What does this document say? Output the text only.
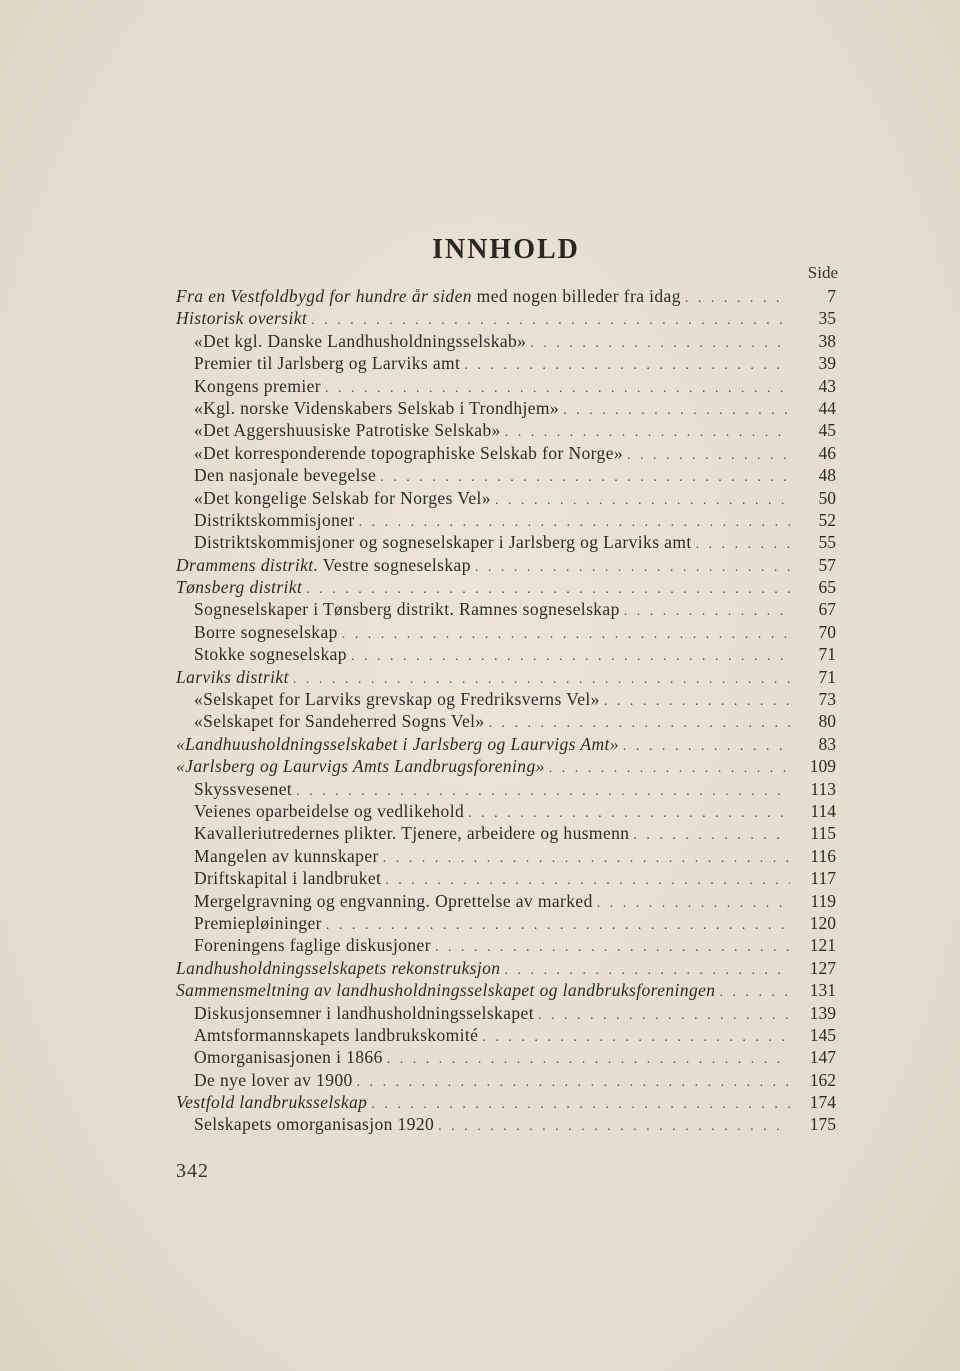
INNHOLD
Side
Fra en Vestfoldbygd for hundre år siden med nogen billeder fra idag . . .	7
Historisk oversikt . . .	35
«Det kgl. Danske Landhusholdningsselskab» . . .	38
Premier til Jarlsberg og Larviks amt . . .	39
Kongens premier . . .	43
«Kgl. norske Videnskabers Selskab i Trondhjem» . . .	44
«Det Aggershuusiske Patrotiske Selskab» . . .	45
«Det korresponderende topographiske Selskab for Norge» . . .	46
Den nasjonale bevegelse . . .	48
«Det kongelige Selskab for Norges Vel» . . .	50
Distriktskommisjoner . . .	52
Distriktskommisjoner og sogneselskaper i Jarlsberg og Larviks amt . . .	55
Drammens distrikt. Vestre sogneselskap . . .	57
Tønsberg distrikt . . .	65
Sogneselskaper i Tønsberg distrikt. Ramnes sogneselskap . . .	67
Borre sogneselskap . . .	70
Stokke sogneselskap . . .	71
Larviks distrikt . . .	71
«Selskapet for Larviks grevskap og Fredriksverns Vel» . . .	73
«Selskapet for Sandeherred Sogns Vel» . . .	80
«Landhuusholdningsselskabet i Jarlsberg og Laurvigs Amt» . . .	83
«Jarlsberg og Laurvigs Amts Landbrugsforening» . . .	109
Skyssvesenet . . .	113
Veienes oparbeidelse og vedlikehold . . .	114
Kavalleriutredernes plikter. Tjenere, arbeidere og husmenn . . .	115
Mangelen av kunnskaper . . .	116
Driftskapital i landbruket . . .	117
Mergelgravning og engvanning. Oprettelse av marked . . .	119
Premiepløininger . . .	120
Foreningens faglige diskusjoner . . .	121
Landhusholdningsselskapets rekonstruksjon . . .	127
Sammensmeltning av landhusholdningsselskapet og landbruksforeningen . . .	131
Diskusjonsemner i landhusholdningsselskapet . . .	139
Amtsformannskapets landbrukskomité . . .	145
Omorganisasjonen i 1866 . . .	147
De nye lover av 1900 . . .	162
Vestfold landbruksselskap . . .	174
Selskapets omorganisasjon 1920 . . .	175
342
